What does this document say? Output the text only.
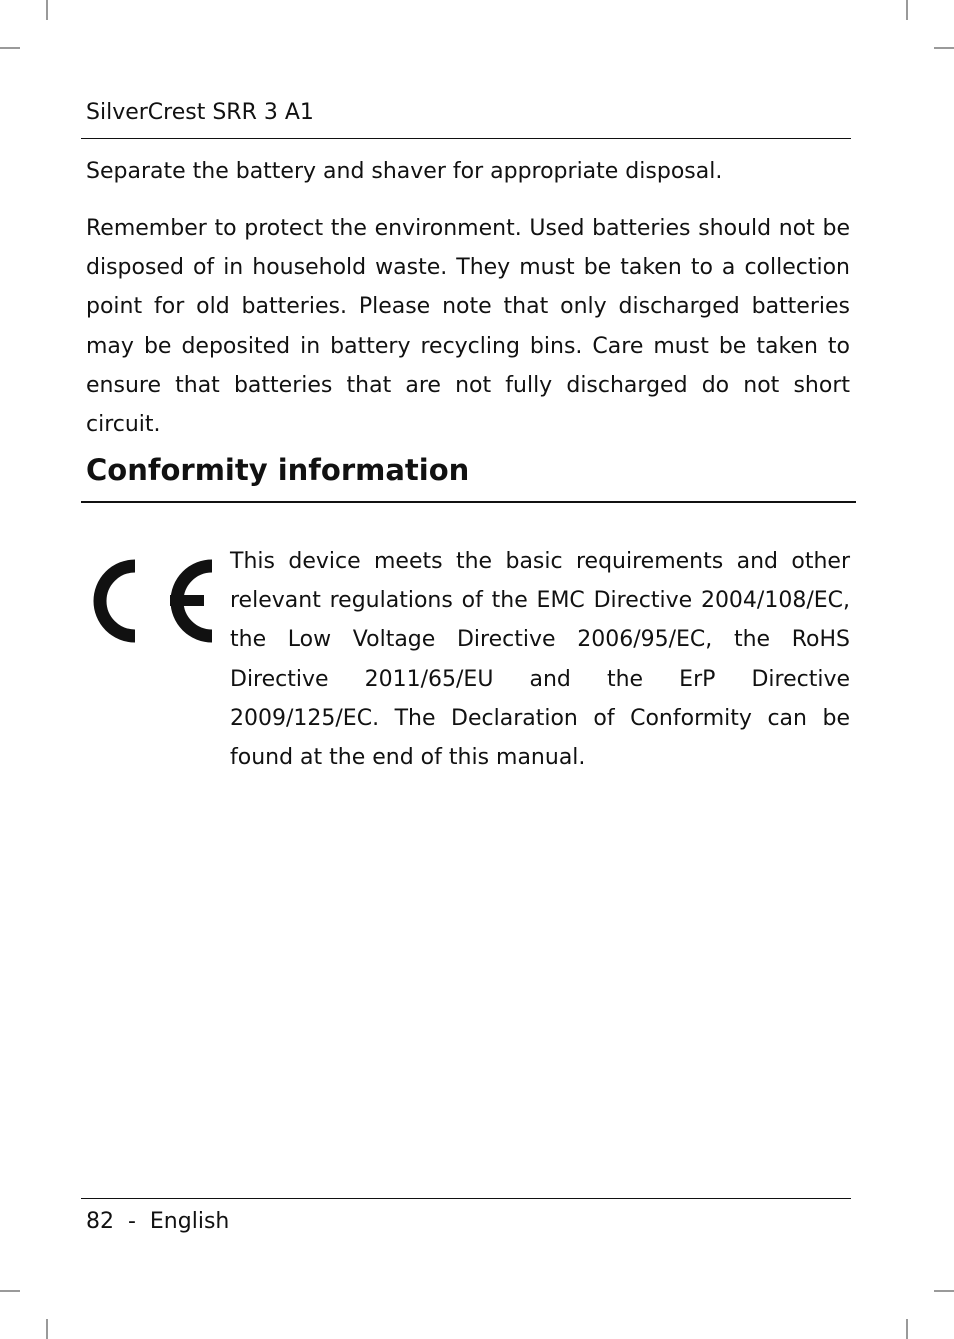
SilverCrest SRR 3 A1

Separate the battery and shaver for appropriate disposal.

Remember to protect the environment. Used batteries should not be disposed of in household waste. They must be taken to a collection point for old batteries. Please note that only discharged batteries may be deposited in battery recycling bins. Care must be taken to ensure that batteries that are not fully discharged do not short circuit.

Conformity information

This device meets the basic requirements and other relevant regulations of the EMC Directive 2004/108/EC, the Low Voltage Directive 2006/95/EC, the RoHS Directive 2011/65/EU and the ErP Directive 2009/125/EC. The Declaration of Conformity can be found at the end of this manual.

82  -  English
